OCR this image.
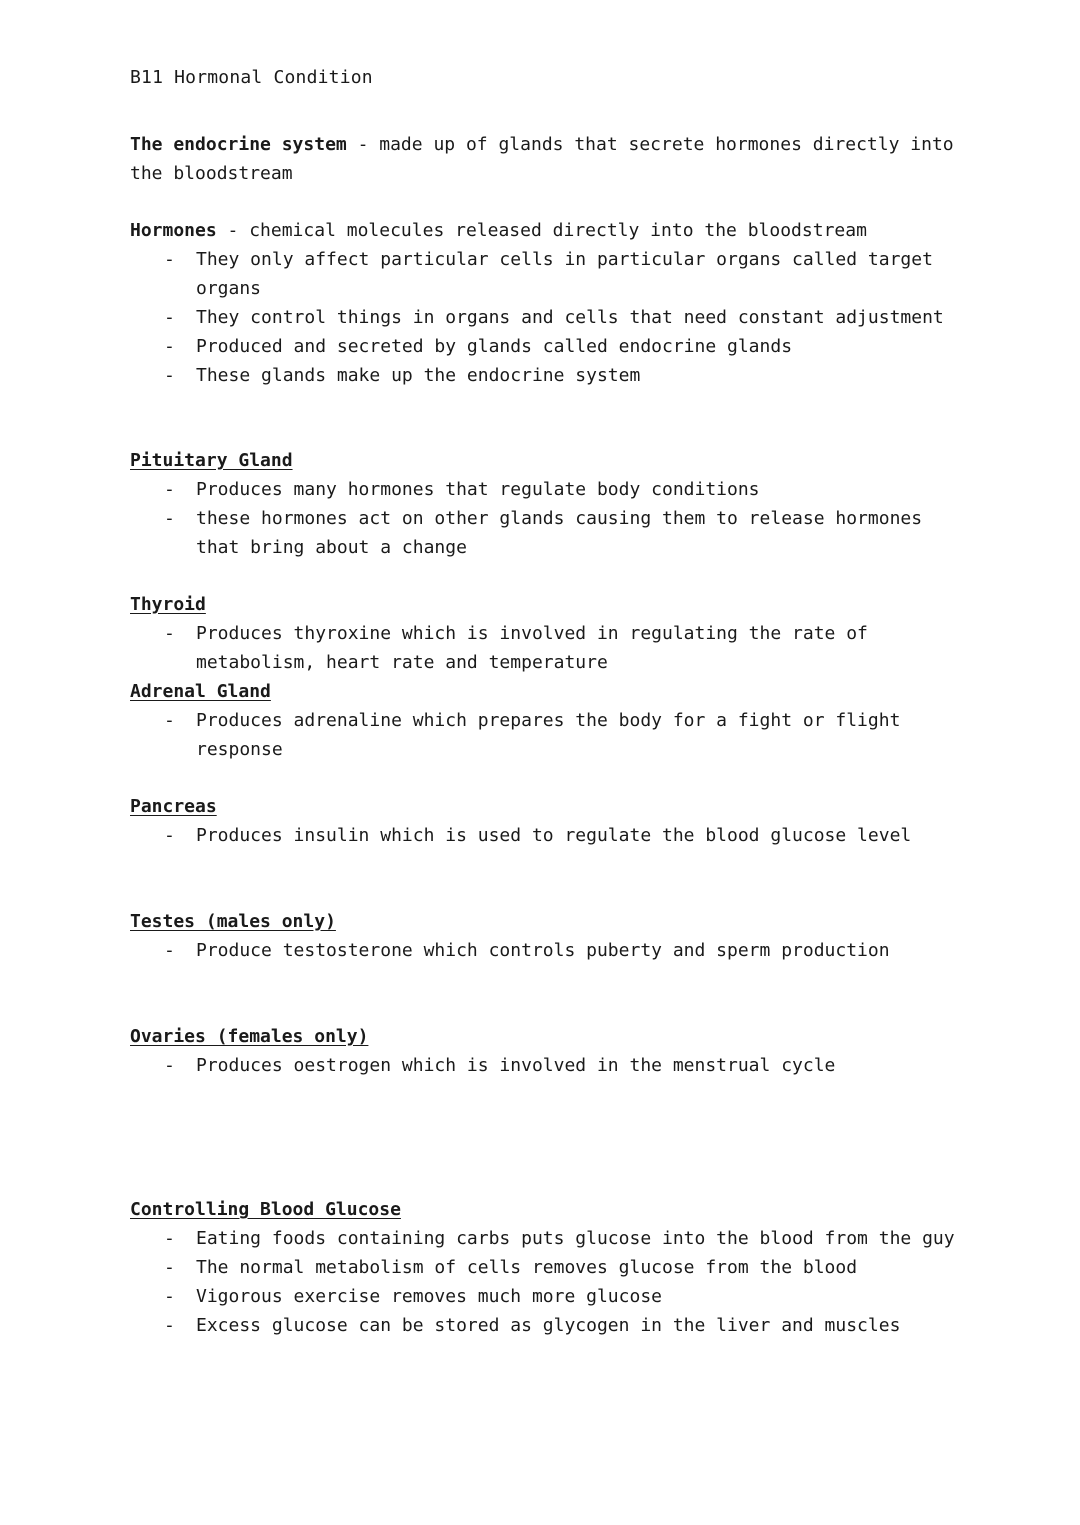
B11 Hormonal Condition

The endocrine system - made up of glands that secrete hormones directly into the bloodstream

Hormones - chemical molecules released directly into the bloodstream

- They only affect particular cells in particular organs called target organs
- They control things in organs and cells that need constant adjustment
- Produced and secreted by glands called endocrine glands
- These glands make up the endocrine system

Pituitary Gland

- Produces many hormones that regulate body conditions
- these hormones act on other glands causing them to release hormones that bring about a change

Thyroid

- Produces thyroxine which is involved in regulating the rate of metabolism, heart rate and temperature

Adrenal Gland

- Produces adrenaline which prepares the body for a fight or flight response

Pancreas

- Produces insulin which is used to regulate the blood glucose level

Testes (males only)

- Produce testosterone which controls puberty and sperm production

Ovaries (females only)

- Produces oestrogen which is involved in the menstrual cycle

Controlling Blood Glucose

- Eating foods containing carbs puts glucose into the blood from the guy
- The normal metabolism of cells removes glucose from the blood
- Vigorous exercise removes much more glucose
- Excess glucose can be stored as glycogen in the liver and muscles
